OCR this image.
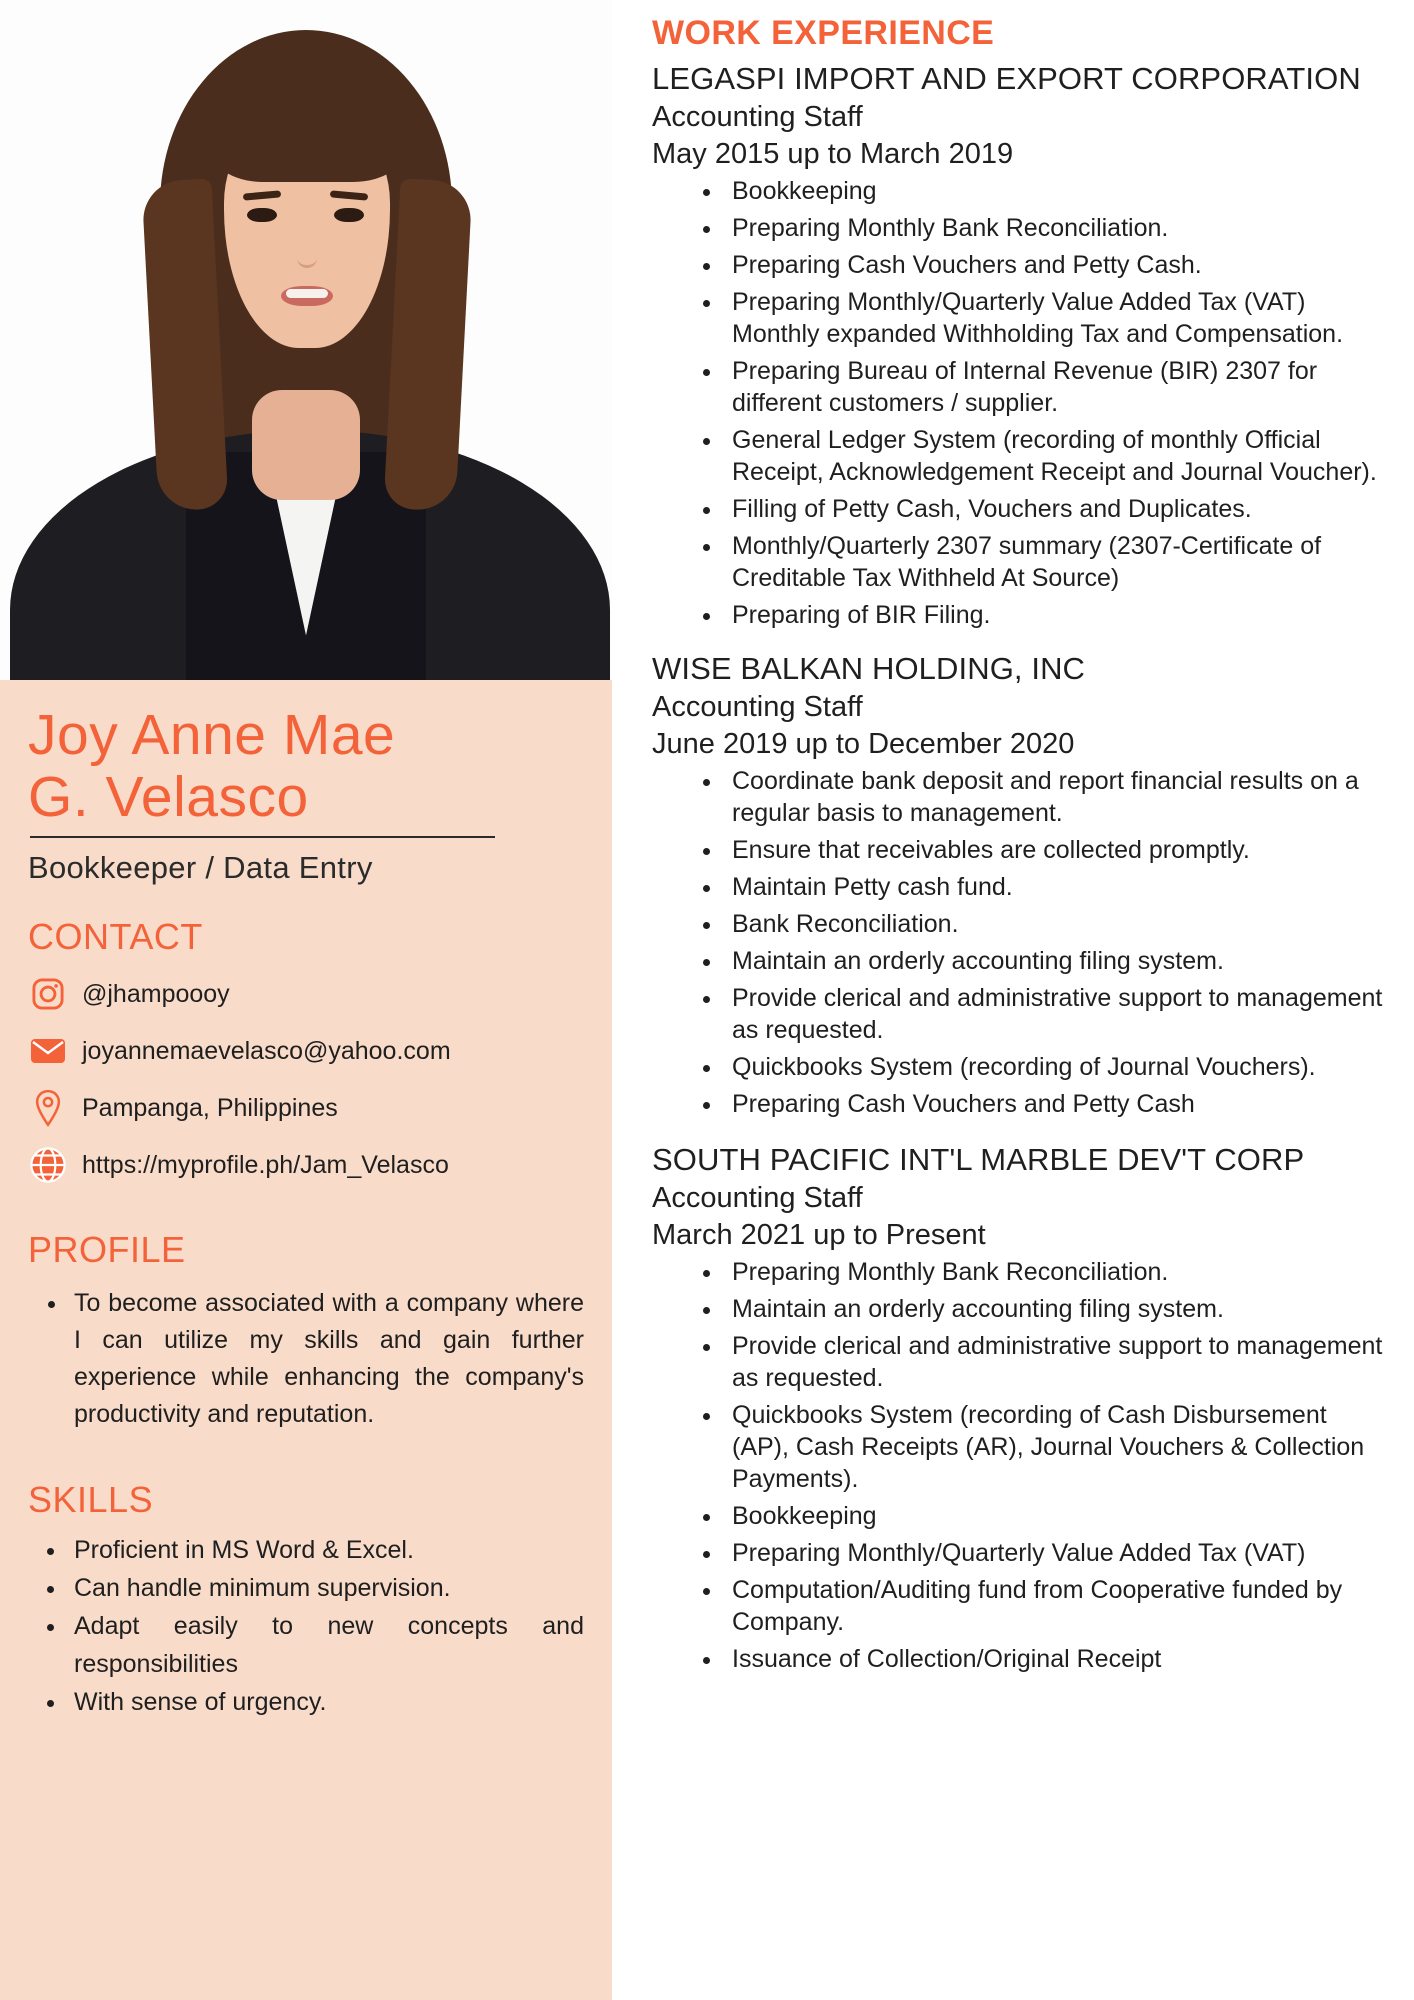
Joy Anne Mae
G. Velasco
Bookkeeper / Data Entry
CONTACT
@jhampoooy
joyannemaevelasco@yahoo.com
Pampanga, Philippines
https://myprofile.ph/Jam_Velasco
PROFILE
• To become associated with a company where I can utilize my skills and gain further experience while enhancing the company's productivity and reputation.
SKILLS
• Proficient in MS Word & Excel.
• Can handle minimum supervision.
• Adapt easily to new concepts and responsibilities
• With sense of urgency.
WORK EXPERIENCE
LEGASPI IMPORT AND EXPORT CORPORATION
Accounting Staff
May 2015 up to March 2019
• Bookkeeping
• Preparing Monthly Bank Reconciliation.
• Preparing Cash Vouchers and Petty Cash.
• Preparing Monthly/Quarterly Value Added Tax (VAT) Monthly expanded Withholding Tax and Compensation.
• Preparing Bureau of Internal Revenue (BIR) 2307 for different customers / supplier.
• General Ledger System (recording of monthly Official Receipt, Acknowledgement Receipt and Journal Voucher).
• Filling of Petty Cash, Vouchers and Duplicates.
• Monthly/Quarterly 2307 summary (2307-Certificate of Creditable Tax Withheld At Source)
• Preparing of BIR Filing.
WISE BALKAN HOLDING, INC
Accounting Staff
June 2019 up to December 2020
• Coordinate bank deposit and report financial results on a regular basis to management.
• Ensure that receivables are collected promptly.
• Maintain Petty cash fund.
• Bank Reconciliation.
• Maintain an orderly accounting filing system.
• Provide clerical and administrative support to management as requested.
• Quickbooks System (recording of Journal Vouchers).
• Preparing Cash Vouchers and Petty Cash
SOUTH PACIFIC INT'L MARBLE DEV'T CORP
Accounting Staff
March 2021 up to Present
• Preparing Monthly Bank Reconciliation.
• Maintain an orderly accounting filing system.
• Provide clerical and administrative support to management as requested.
• Quickbooks System (recording of Cash Disbursement (AP), Cash Receipts (AR), Journal Vouchers & Collection Payments).
• Bookkeeping
• Preparing Monthly/Quarterly Value Added Tax (VAT)
• Computation/Auditing fund from Cooperative funded by Company.
• Issuance of Collection/Original Receipt
